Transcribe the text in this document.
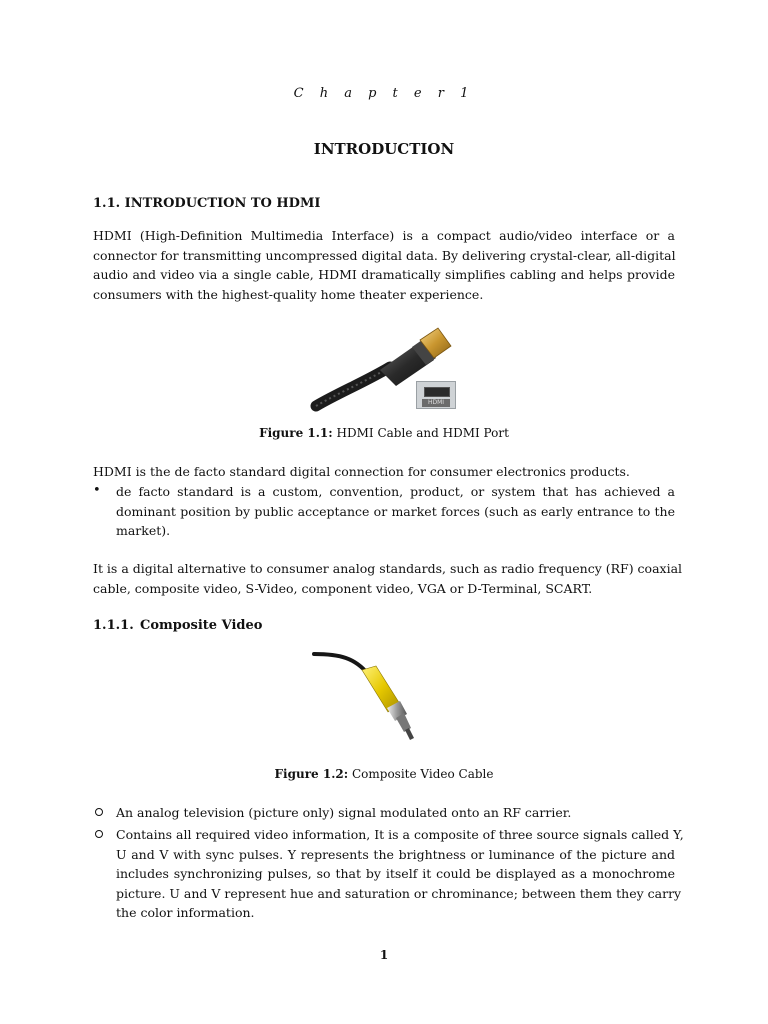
C h a p t e r 1
INTRODUCTION
1.1. INTRODUCTION TO HDMI
HDMI (High-Definition Multimedia Interface) is a compact audio/video interface or a
connector for transmitting uncompressed digital data. By delivering crystal-clear, all-digital
audio and video via a single cable, HDMI dramatically simplifies cabling and helps provide
consumers with the highest-quality home theater experience.
HDMI
Figure 1.1: HDMI Cable and HDMI Port
HDMI is the de facto standard digital connection for consumer electronics products.
• de facto standard is a custom, convention, product, or system that has achieved a
dominant position by public acceptance or market forces (such as early entrance to the
market).
It is a digital alternative to consumer analog standards, such as radio frequency (RF) coaxial
cable, composite video, S-Video, component video, VGA or D-Terminal, SCART.
1.1.1. Composite Video
Figure 1.2: Composite Video Cable
An analog television (picture only) signal modulated onto an RF carrier.
Contains all required video information, It is a composite of three source signals called Y,
U and V with sync pulses. Y represents the brightness or luminance of the picture and
includes synchronizing pulses, so that by itself it could be displayed as a monochrome
picture. U and V represent hue and saturation or chrominance; between them they carry
the color information.
1
